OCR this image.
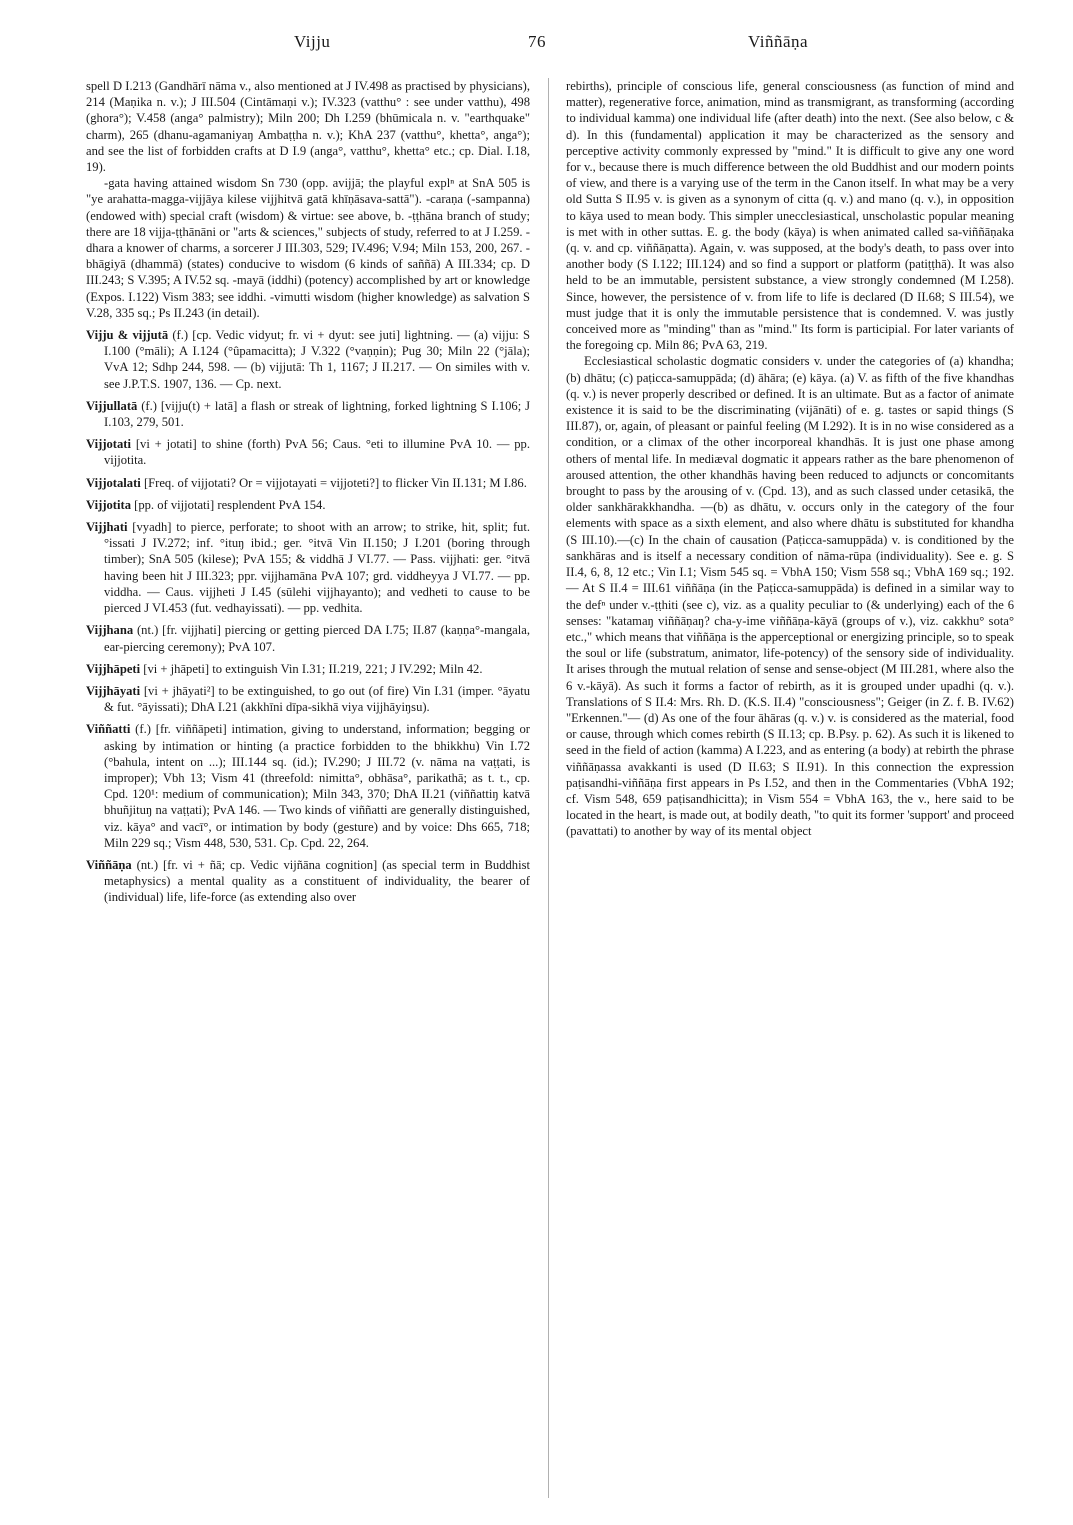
Vijju	76	Viññāṇa

spell D I.213 (Gandhārī nāma v., also mentioned at J IV.498 as practised by physicians), 214 (Maṇika n. v.); J III.504 (Cintāmaṇi v.); IV.323 (vatthu° : see under vatthu), 498 (ghora°); V.458 (anga° palmistry); Miln 200; Dh I.259 (bhūmicala n. v. "earthquake" charm), 265 (dhanu-agamaniyaŋ Ambaṭṭha n. v.); KhA 237 (vatthu°, khetta°, anga°); and see the list of forbidden crafts at D I.9 (anga°, vatthu°, khetta° etc.; cp. Dial. I.18, 19).

-gata having attained wisdom Sn 730 (opp. avijjā; the playful explⁿ at SnA 505 is "ye arahatta-magga-vijjāya kilese vijjhitvā gatā khīṇāsava-sattā"). -caraṇa (-sampanna) (endowed with) special craft (wisdom) & virtue: see above, b. -ṭṭhāna branch of study; there are 18 vijja-ṭṭhānāni or "arts & sciences," subjects of study, referred to at J I.259. -dhara a knower of charms, a sorcerer J III.303, 529; IV.496; V.94; Miln 153, 200, 267. -bhāgiyā (dhammā) (states) conducive to wisdom (6 kinds of saññā) A III.334; cp. D III.243; S V.395; A IV.52 sq. -mayā (iddhi) (potency) accomplished by art or knowledge (Expos. I.122) Vism 383; see iddhi. -vimutti wisdom (higher knowledge) as salvation S V.28, 335 sq.; Ps II.243 (in detail).

Vijju & vijjutā (f.) [cp. Vedic vidyut; fr. vi + dyut: see juti] lightning. — (a) vijju: S I.100 (°māli); A I.124 (°ûpamacitta); J V.322 (°vaṇṇin); Pug 30; Miln 22 (°jāla); VvA 12; Sdhp 244, 598. — (b) vijjutā: Th 1, 1167; J II.217. — On similes with v. see J.P.T.S. 1907, 136. — Cp. next.

Vijjullatā (f.) [vijju(t) + latā] a flash or streak of lightning, forked lightning S I.106; J I.103, 279, 501.

Vijjotati [vi + jotati] to shine (forth) PvA 56; Caus. °eti to illumine PvA 10. — pp. vijjotita.

Vijjotalati [Freq. of vijjotati? Or = vijjotayati = vijjoteti?] to flicker Vin II.131; M I.86.

Vijjotita [pp. of vijjotati] resplendent PvA 154.

Vijjhati [vyadh] to pierce, perforate; to shoot with an arrow; to strike, hit, split; fut. °issati J IV.272; inf. °ituŋ ibid.; ger. °itvā Vin II.150; J I.201 (boring through timber); SnA 505 (kilese); PvA 155; & viddhā J VI.77. — Pass. vijjhati: ger. °itvā having been hit J III.323; ppr. vijjhamāna PvA 107; grd. viddheyya J VI.77. — pp. viddha. — Caus. vijjheti J I.45 (sūlehi vijjhayanto); and vedheti to cause to be pierced J VI.453 (fut. vedhayissati). — pp. vedhita.

Vijjhana (nt.) [fr. vijjhati] piercing or getting pierced DA I.75; II.87 (kaṇṇa°-mangala, ear-piercing ceremony); PvA 107.

Vijjhāpeti [vi + jhāpeti] to extinguish Vin I.31; II.219, 221; J IV.292; Miln 42.

Vijjhāyati [vi + jhāyati²] to be extinguished, to go out (of fire) Vin I.31 (imper. °āyatu & fut. °āyissati); DhA I.21 (akkhīni dīpa-sikhā viya vijjhāyiŋsu).

Viññatti (f.) [fr. viññāpeti] intimation, giving to understand, information; begging or asking by intimation or hinting (a practice forbidden to the bhikkhu) Vin I.72 (°bahula, intent on ...); III.144 sq. (id.); IV.290; J III.72 (v. nāma na vaṭṭati, is improper); Vbh 13; Vism 41 (threefold: nimitta°, obhāsa°, parikathā; as t. t., cp. Cpd. 120¹: medium of communication); Miln 343, 370; DhA II.21 (viññattiŋ katvā bhuñjituŋ na vaṭṭati); PvA 146. — Two kinds of viññatti are generally distinguished, viz. kāya° and vacī°, or intimation by body (gesture) and by voice: Dhs 665, 718; Miln 229 sq.; Vism 448, 530, 531. Cp. Cpd. 22, 264.

Viññāṇa (nt.) [fr. vi + ñā; cp. Vedic vijñāna cognition] (as special term in Buddhist metaphysics) a mental quality as a constituent of individuality, the bearer of (individual) life, life-force (as extending also over

rebirths), principle of conscious life, general consciousness (as function of mind and matter), regenerative force, animation, mind as transmigrant, as transforming (according to individual kamma) one individual life (after death) into the next. (See also below, c & d). In this (fundamental) application it may be characterized as the sensory and perceptive activity commonly expressed by "mind." It is difficult to give any one word for v., because there is much difference between the old Buddhist and our modern points of view, and there is a varying use of the term in the Canon itself. In what may be a very old Sutta S II.95 v. is given as a synonym of citta (q. v.) and mano (q. v.), in opposition to kāya used to mean body. This simpler unecclesiastical, unscholastic popular meaning is met with in other suttas. E. g. the body (kāya) is when animated called sa-viññāṇaka (q. v. and cp. viññāṇatta). Again, v. was supposed, at the body's death, to pass over into another body (S I.122; III.124) and so find a support or platform (patiṭṭhā). It was also held to be an immutable, persistent substance, a view strongly condemned (M I.258). Since, however, the persistence of v. from life to life is declared (D II.68; S III.54), we must judge that it is only the immutable persistence that is condemned. V. was justly conceived more as "minding" than as "mind." Its form is participial. For later variants of the foregoing cp. Miln 86; PvA 63, 219.

Ecclesiastical scholastic dogmatic considers v. under the categories of (a) khandha; (b) dhātu; (c) paṭicca-samuppāda; (d) āhāra; (e) kāya. (a) V. as fifth of the five khandhas (q. v.) is never properly described or defined. It is an ultimate. But as a factor of animate existence it is said to be the discriminating (vijānāti) of e. g. tastes or sapid things (S III.87), or, again, of pleasant or painful feeling (M I.292). It is in no wise considered as a condition, or a climax of the other incorporeal khandhās. It is just one phase among others of mental life. In mediæval dogmatic it appears rather as the bare phenomenon of aroused attention, the other khandhās having been reduced to adjuncts or concomitants brought to pass by the arousing of v. (Cpd. 13), and as such classed under cetasikā, the older sankhārakkhandha. —(b) as dhātu, v. occurs only in the category of the four elements with space as a sixth element, and also where dhātu is substituted for khandha (S III.10).—(c) In the chain of causation (Paṭicca-samuppāda) v. is conditioned by the sankhāras and is itself a necessary condition of nāma-rūpa (individuality). See e. g. S II.4, 6, 8, 12 etc.; Vin I.1; Vism 545 sq. = VbhA 150; Vism 558 sq.; VbhA 169 sq.; 192. — At S II.4 = III.61 viññāṇa (in the Paṭicca-samuppāda) is defined in a similar way to the defⁿ under v.-ṭṭhiti (see c), viz. as a quality peculiar to (& underlying) each of the 6 senses: "katamaŋ viññāṇaŋ? cha-y-ime viññāṇa-kāyā (groups of v.), viz. cakkhu° sota° etc.," which means that viññāṇa is the apperceptional or energizing principle, so to speak the soul or life (substratum, animator, life-potency) of the sensory side of individuality. It arises through the mutual relation of sense and sense-object (M III.281, where also the 6 v.-kāyā). As such it forms a factor of rebirth, as it is grouped under upadhi (q. v.). Translations of S II.4: Mrs. Rh. D. (K.S. II.4) "consciousness"; Geiger (in Z. f. B. IV.62) "Erkennen."— (d) As one of the four āhāras (q. v.) v. is considered as the material, food or cause, through which comes rebirth (S II.13; cp. B.Psy. p. 62). As such it is likened to seed in the field of action (kamma) A I.223, and as entering (a body) at rebirth the phrase viññāṇassa avakkanti is used (D II.63; S II.91). In this connection the expression paṭisandhi-viññāṇa first appears in Ps I.52, and then in the Commentaries (VbhA 192; cf. Vism 548, 659 paṭisandhicitta); in Vism 554 = VbhA 163, the v., here said to be located in the heart, is made out, at bodily death, "to quit its former 'support' and proceed (pavattati) to another by way of its mental object
